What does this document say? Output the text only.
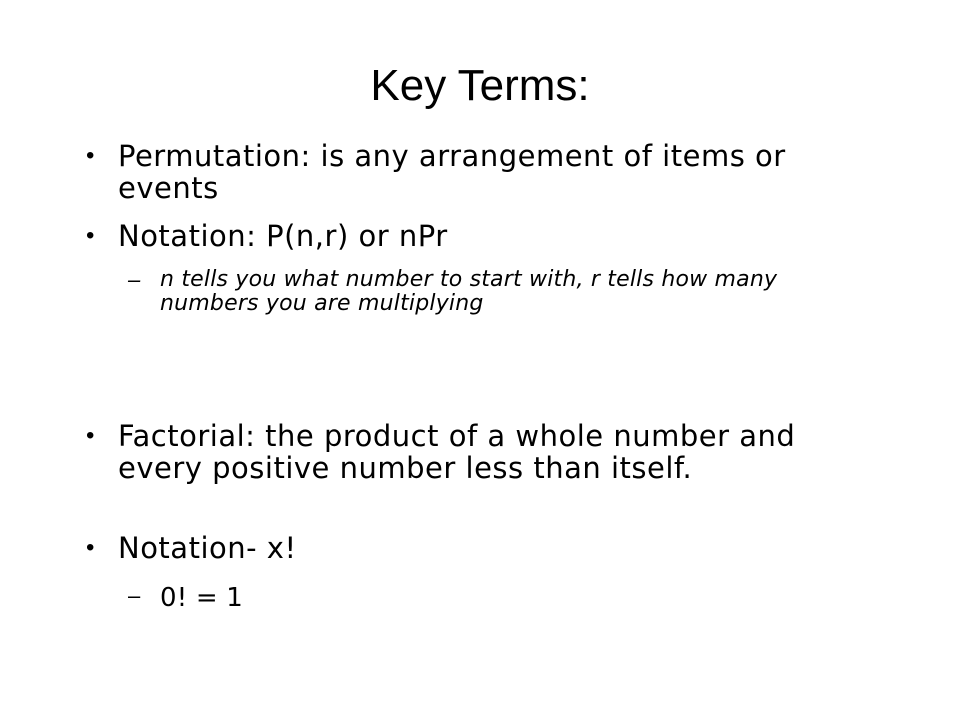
Key Terms:
• Permutation: is any arrangement of items or events
• Notation: P(n,r) or nPr
– n tells you what number to start with, r tells how many numbers you are multiplying
• Factorial: the product of a whole number and every positive number less than itself.
• Notation- x!
– 0! = 1
